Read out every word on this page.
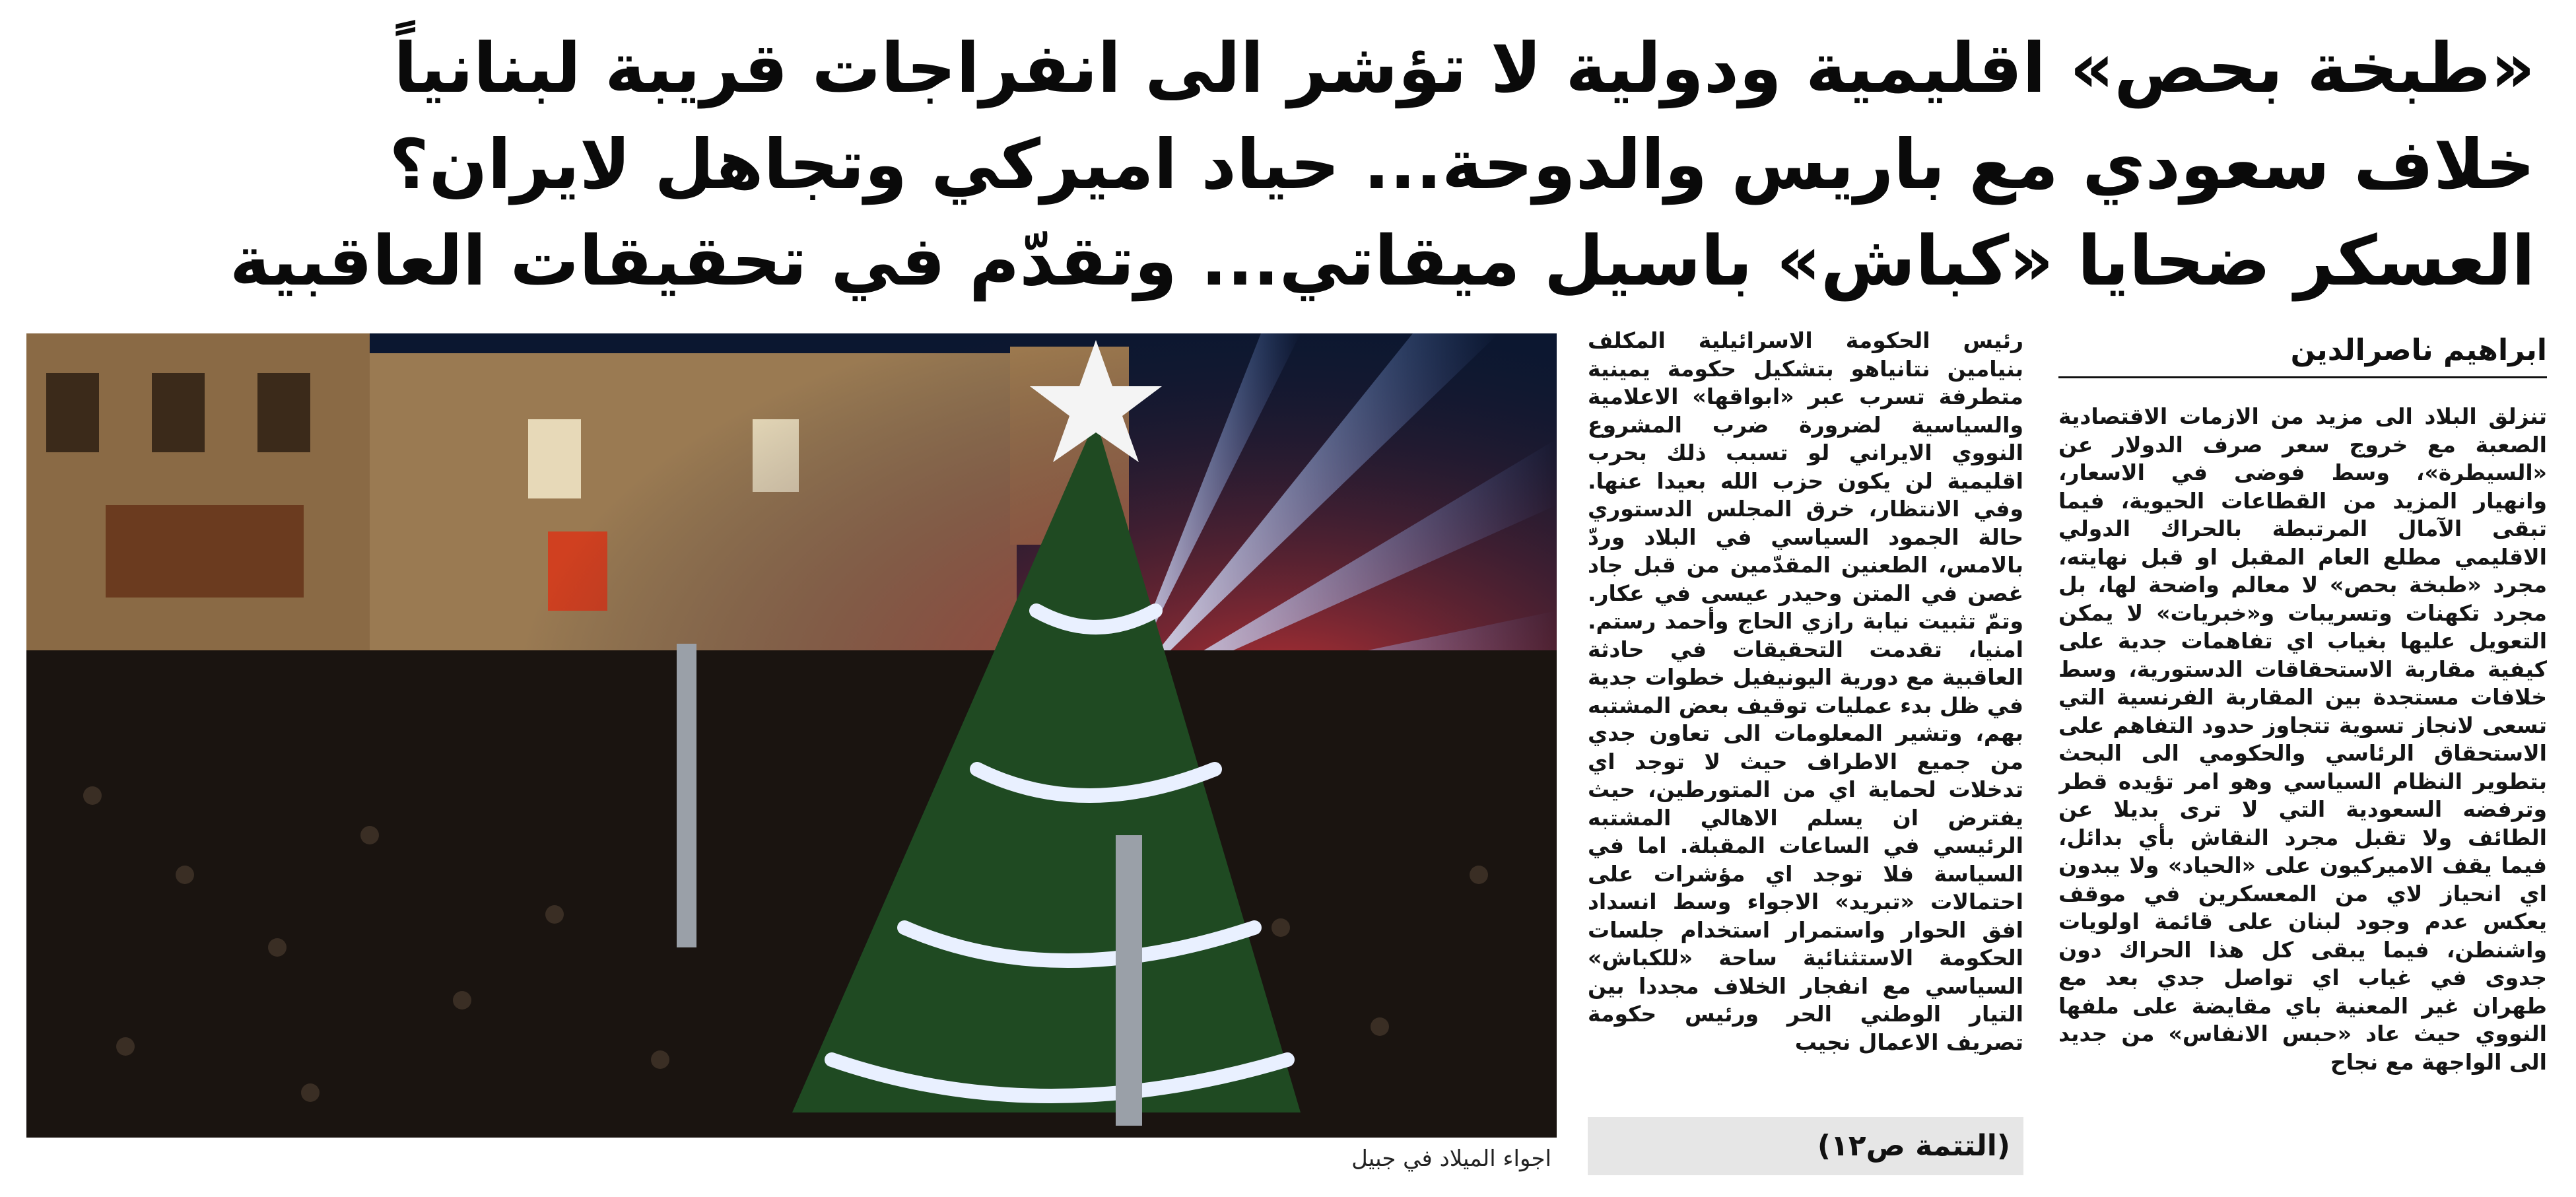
«طبخة بحص» اقليمية ودولية لا تؤشر الى انفراجات قريبة لبنانياً
خلاف سعودي مع باريس والدوحة... حياد اميركي وتجاهل لايران؟
العسكر ضحايا «كباش» باسيل ميقاتي... وتقدّم في تحقيقات العاقبية
اجواء الميلاد في جبيل
رئيس الحكومة الاسرائيلية المكلف بنيامين نتانياهو بتشكيل حكومة يمينية متطرفة تسرب عبر «ابواقها» الاعلامية والسياسية لضرورة ضرب المشروع النووي الايراني لو تسبب ذلك بحرب اقليمية لن يكون حزب الله بعيدا عنها. وفي الانتظار، خرق المجلس الدستوري حالة الجمود السياسي في البلاد وردّ بالامس، الطعنين المقدّمين من قبل جاد غصن في المتن وحيدر عيسى في عكار. وتمّ تثبيت نيابة رازي الحاج وأحمد رستم. امنيا، تقدمت التحقيقات في حادثة العاقبية مع دورية اليونيفيل خطوات جدية في ظل بدء عمليات توقيف بعض المشتبه بهم، وتشير المعلومات الى تعاون جدي من جميع الاطراف حيث لا توجد اي تدخلات لحماية اي من المتورطين، حيث يفترض ان يسلم الاهالي المشتبه الرئيسي في الساعات المقبلة. اما في السياسة فلا توجد اي مؤشرات على احتمالات «تبريد» الاجواء وسط انسداد افق الحوار واستمرار استخدام جلسات الحكومة الاستثنائية ساحة «للكباش» السياسي مع انفجار الخلاف مجددا بين التيار الوطني الحر ورئيس حكومة تصريف الاعمال نجيب
(التتمة ص١٢)
ابراهيم ناصرالدين
تنزلق البلاد الى مزيد من الازمات الاقتصادية الصعبة مع خروج سعر صرف الدولار عن «السيطرة»، وسط فوضى في الاسعار، وانهيار المزيد من القطاعات الحيوية، فيما تبقى الآمال المرتبطة بالحراك الدولي الاقليمي مطلع العام المقبل او قبل نهايته، مجرد «طبخة بحص» لا معالم واضحة لها، بل مجرد تكهنات وتسريبات و«خبريات» لا يمكن التعويل عليها بغياب اي تفاهمات جدية على كيفية مقاربة الاستحقاقات الدستورية، وسط خلافات مستجدة بين المقاربة الفرنسية التي تسعى لانجاز تسوية تتجاوز حدود التفاهم على الاستحقاق الرئاسي والحكومي الى البحث بتطوير النظام السياسي وهو امر تؤيده قطر وترفضه السعودية التي لا ترى بديلا عن الطائف ولا تقبل مجرد النقاش بأي بدائل، فيما يقف الاميركيون على «الحياد» ولا يبدون اي انحياز لاي من المعسكرين في موقف يعكس عدم وجود لبنان على قائمة اولويات واشنطن، فيما يبقى كل هذا الحراك دون جدوى في غياب اي تواصل جدي بعد مع طهران غير المعنية باي مقايضة على ملفها النووي حيث عاد «حبس الانفاس» من جديد الى الواجهة مع نجاح
